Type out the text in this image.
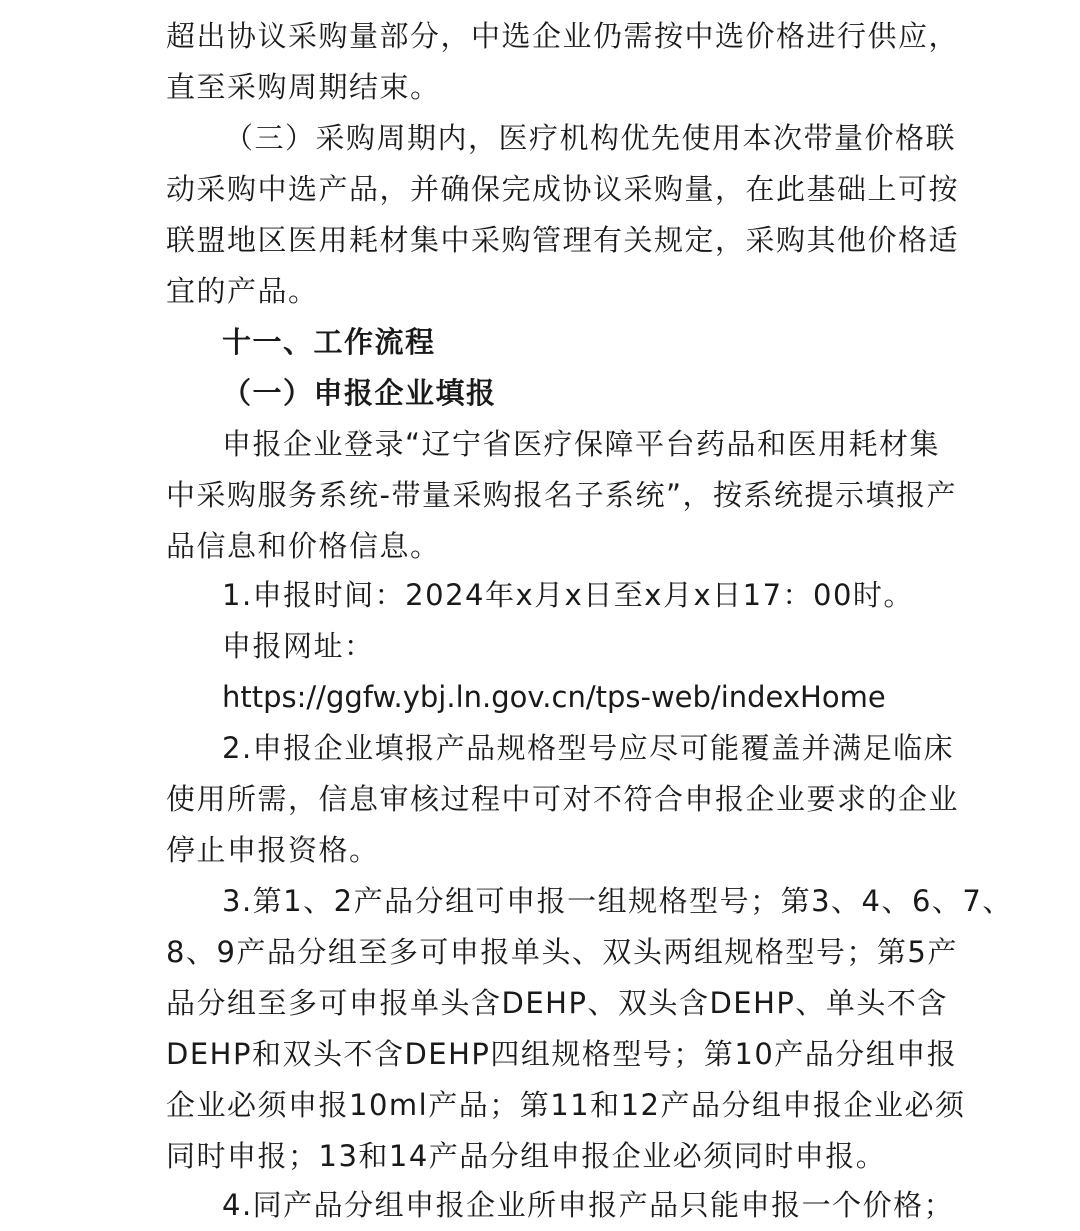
超出协议采购量部分，中选企业仍需按中选价格进行供应，
直至采购周期结束。
（三）采购周期内，医疗机构优先使用本次带量价格联
动采购中选产品，并确保完成协议采购量，在此基础上可按
联盟地区医用耗材集中采购管理有关规定，采购其他价格适
宜的产品。
十一、工作流程
（一）申报企业填报
申报企业登录“辽宁省医疗保障平台药品和医用耗材集
中采购服务系统-带量采购报名子系统”，按系统提示填报产
品信息和价格信息。
1.申报时间：2024年x月x日至x月x日17：00时。
申报网址：
https://ggfw.ybj.ln.gov.cn/tps-web/indexHome
2.申报企业填报产品规格型号应尽可能覆盖并满足临床
使用所需，信息审核过程中可对不符合申报企业要求的企业
停止申报资格。
3.第1、2产品分组可申报一组规格型号；第3、4、6、7、
8、9产品分组至多可申报单头、双头两组规格型号；第5产
品分组至多可申报单头含DEHP、双头含DEHP、单头不含
DEHP和双头不含DEHP四组规格型号；第10产品分组申报
企业必须申报10ml产品；第11和12产品分组申报企业必须
同时申报；13和14产品分组申报企业必须同时申报。
4.同产品分组申报企业所申报产品只能申报一个价格；
